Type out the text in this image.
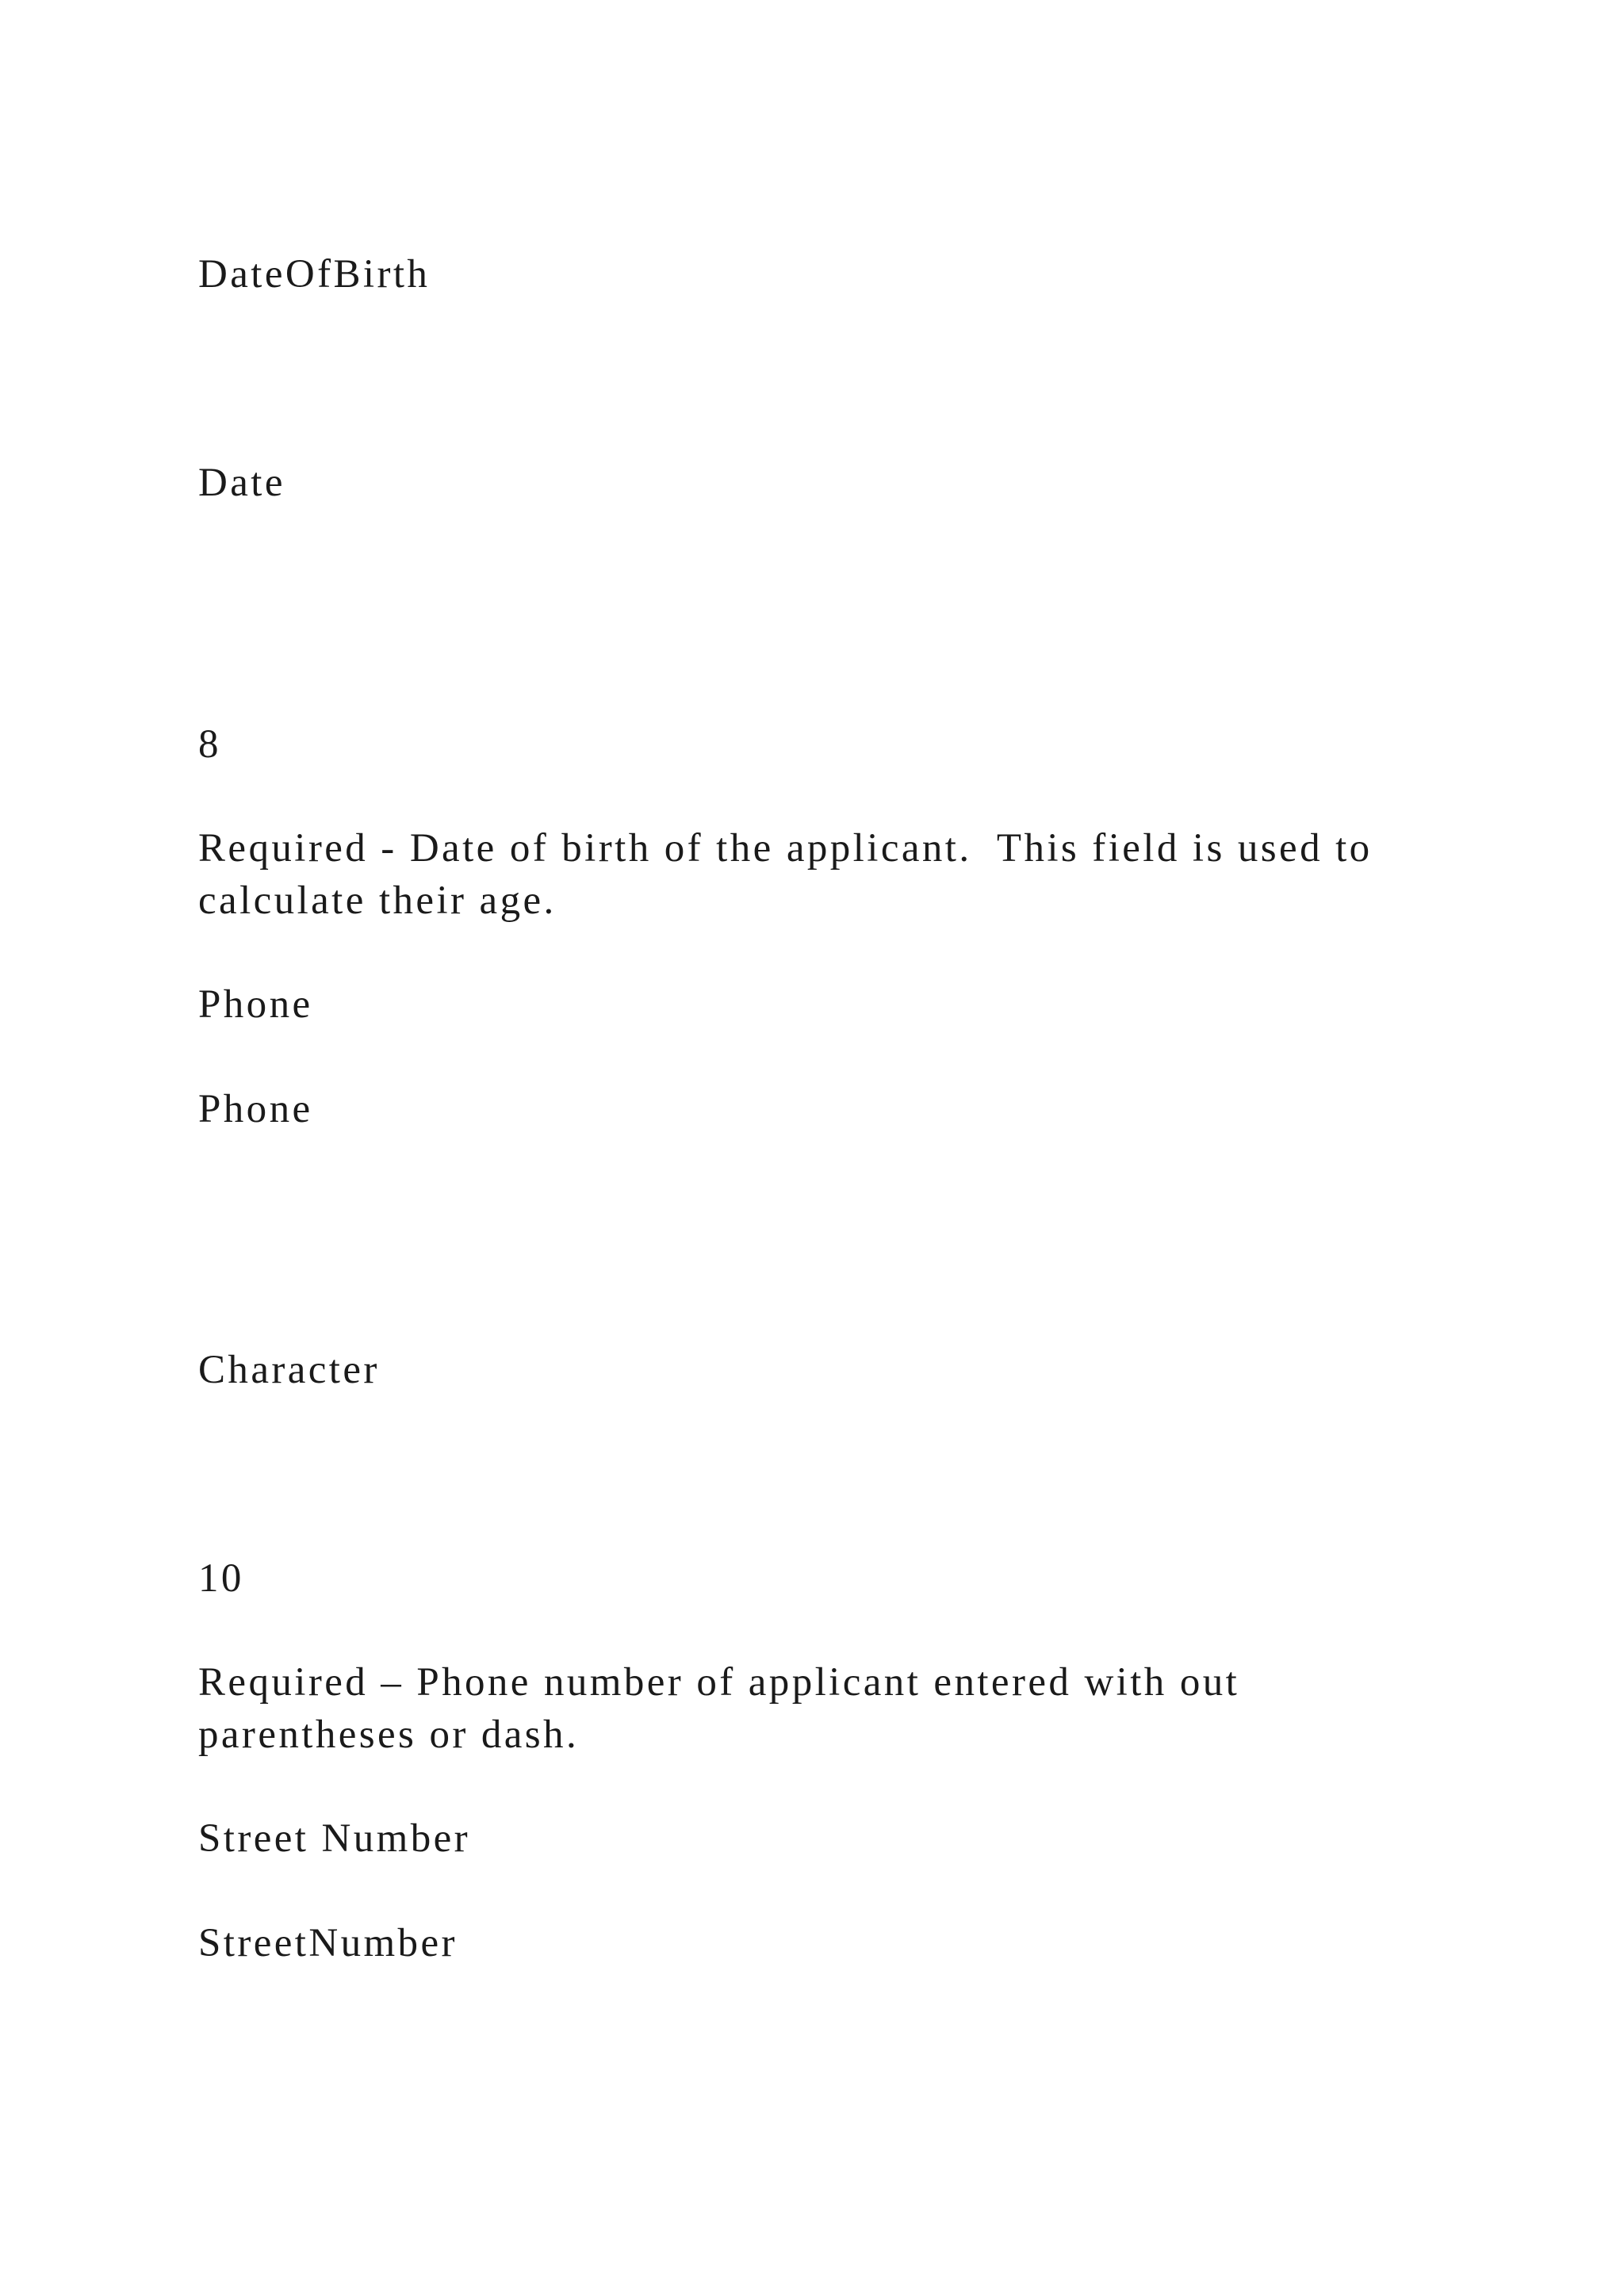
DateOfBirth

Date

8

Required - Date of birth of the applicant.  This field is used to

calculate their age.

Phone

Phone

Character

10

Required – Phone number of applicant entered with out

parentheses or dash.

Street Number

StreetNumber
